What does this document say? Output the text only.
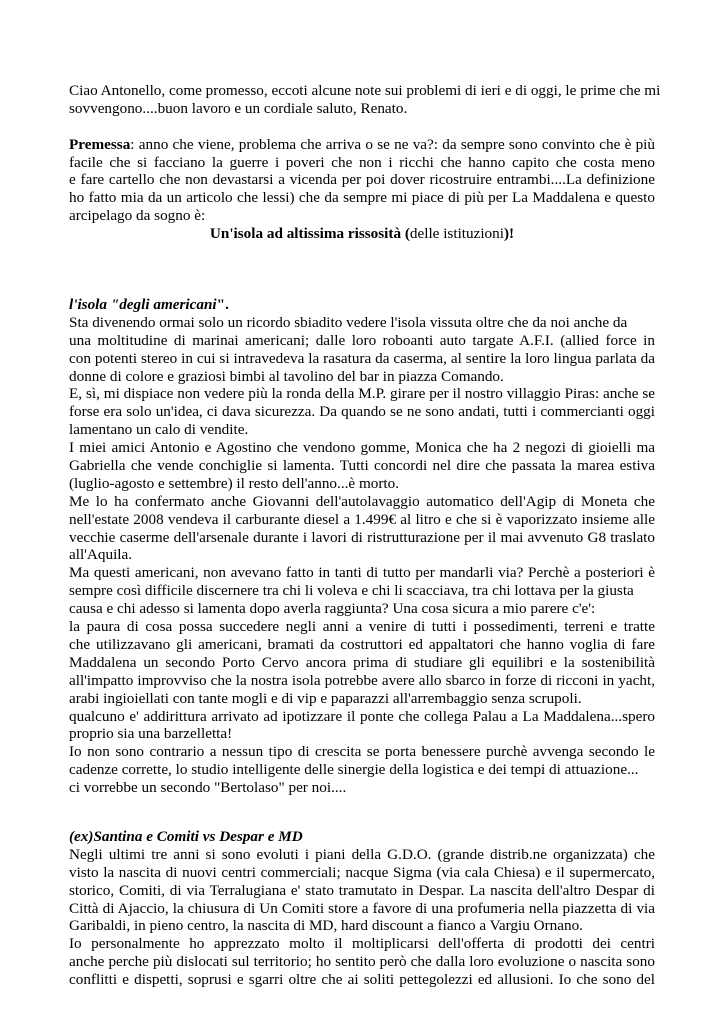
Ciao Antonello, come promesso, eccoti alcune note sui problemi di ieri e di oggi, le prime che mi
sovvengono....buon lavoro e un cordiale saluto, Renato.
Premessa: anno che viene, problema che arriva o se ne va?: da sempre sono convinto che è più
facile che si facciano la guerre i poveri che non i ricchi che hanno capito che costa meno
e fare cartello che non devastarsi a vicenda per poi dover ricostruire entrambi....La definizione
ho fatto mia da un articolo che lessi) che da sempre mi piace di più per La Maddalena e questo
arcipelago da sogno è:
Un'isola ad altissima rissosità (delle istituzioni)!
l'isola "degli americani".
Sta divenendo ormai solo un ricordo sbiadito vedere l'isola vissuta oltre che da noi anche da
una moltitudine di marinai americani; dalle loro roboanti auto targate A.F.I. (allied force in
con potenti stereo in cui si intravedeva la rasatura da caserma, al sentire la loro lingua parlata da
donne di colore e graziosi bimbi al tavolino del bar in piazza Comando.
E, sì, mi dispiace non vedere più la ronda della M.P. girare per il nostro villaggio Piras: anche se
forse era solo un'idea, ci dava sicurezza. Da quando se ne sono andati, tutti i commercianti oggi
lamentano un calo di vendite.
I miei amici Antonio e Agostino che vendono gomme, Monica che ha 2 negozi di gioielli ma
Gabriella che vende conchiglie si lamenta. Tutti concordi nel dire che passata la marea estiva
(luglio-agosto e settembre) il resto dell'anno...è morto.
Me lo ha confermato anche Giovanni dell'autolavaggio automatico dell'Agip di Moneta che
nell'estate 2008 vendeva il carburante diesel a 1.499€ al litro e che si è vaporizzato insieme alle
vecchie caserme dell'arsenale durante i lavori di ristrutturazione per il mai avvenuto G8 traslato
all'Aquila.
Ma questi americani, non avevano fatto in tanti di tutto per mandarli via? Perchè a posteriori è
sempre così difficile discernere tra chi li voleva e chi li scacciava, tra chi lottava per la giusta
causa e chi adesso si lamenta dopo averla raggiunta? Una cosa sicura a mio parere c'e':
la paura di cosa possa succedere negli anni a venire di tutti i possedimenti, terreni e tratte
che utilizzavano gli americani, bramati da costruttori ed appaltatori che hanno voglia di fare
Maddalena un secondo Porto Cervo ancora prima di studiare gli equilibri e la sostenibilità
all'impatto improvviso che la nostra isola potrebbe avere allo sbarco in forze di ricconi in yacht,
arabi ingioiellati con tante mogli e di vip e paparazzi all'arrembaggio senza scrupoli.
qualcuno e' addirittura arrivato ad ipotizzare il ponte che collega Palau a La Maddalena...spero
proprio sia una barzelletta!
Io non sono contrario a nessun tipo di crescita se porta benessere purchè avvenga secondo le
cadenze corrette, lo studio intelligente delle sinergie della logistica e dei tempi di attuazione...
ci vorrebbe un secondo "Bertolaso" per noi....
(ex)Santina e Comiti vs Despar e MD
Negli ultimi tre anni si sono evoluti i piani della G.D.O. (grande distrib.ne organizzata) che
visto la nascita di nuovi centri commerciali; nacque Sigma (via cala Chiesa) e il supermercato,
storico, Comiti, di via Terralugiana e' stato tramutato in Despar. La nascita dell'altro Despar di
Città di Ajaccio, la chiusura di Un Comiti store a favore di una profumeria nella piazzetta di via
Garibaldi, in pieno centro, la nascita di MD, hard discount a fianco a Vargiu Ornano.
Io personalmente ho apprezzato molto il moltiplicarsi dell'offerta di prodotti dei centri
anche perche più dislocati sul territorio; ho sentito però che dalla loro evoluzione o nascita sono
conflitti e dispetti, soprusi e sgarri oltre che ai soliti pettegolezzi ed allusioni. Io che sono del
